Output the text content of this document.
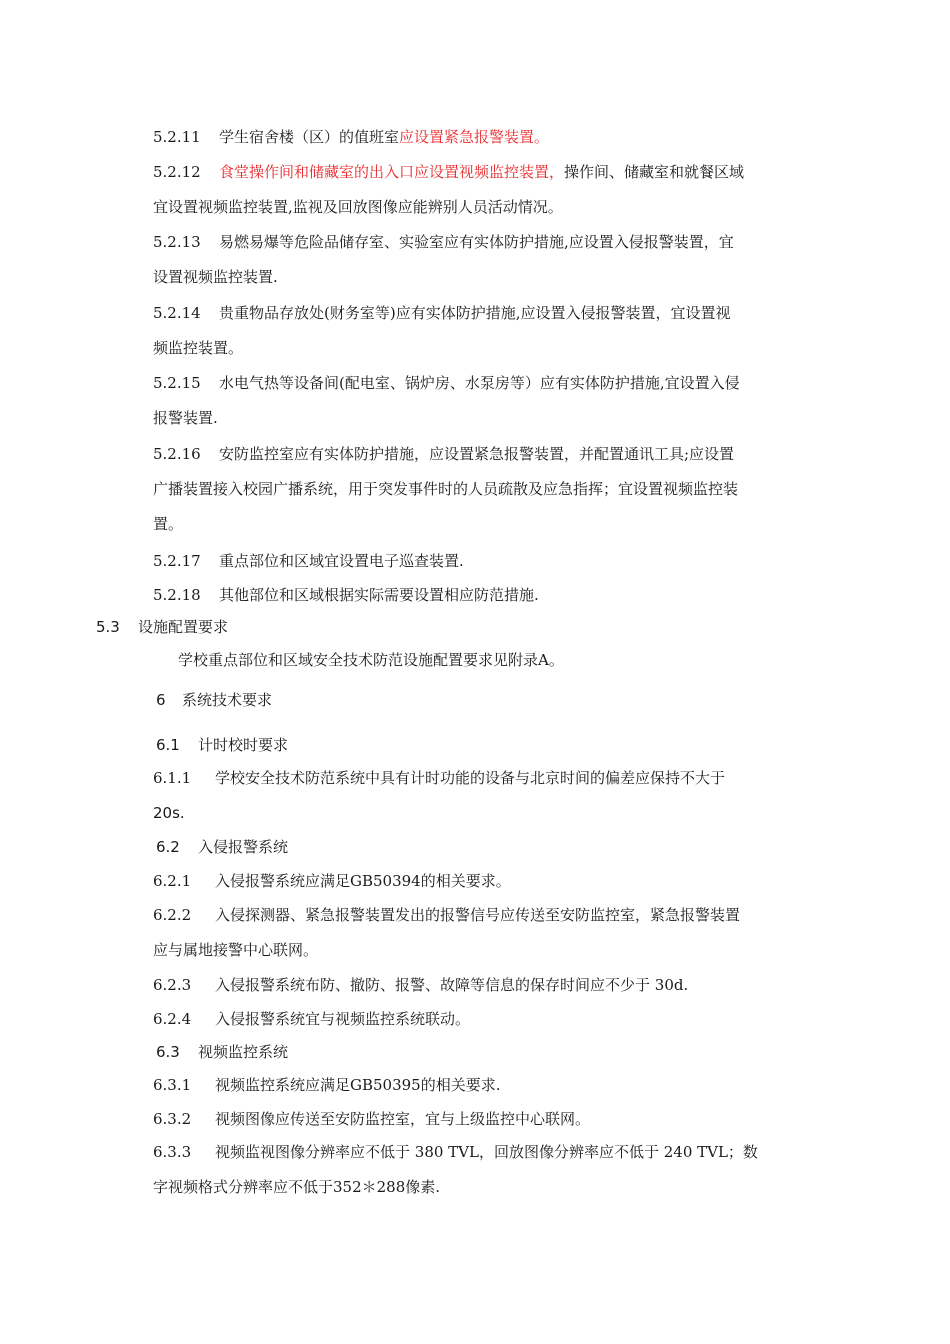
5.2.11 学生宿舍楼（区）的值班室应设置紧急报警装置。
5.2.12 食堂操作间和储藏室的出入口应设置视频监控装置，操作间、储藏室和就餐区域
宜设置视频监控装置,监视及回放图像应能辨别人员活动情况。
5.2.13 易燃易爆等危险品储存室、实验室应有实体防护措施,应设置入侵报警装置，宜
设置视频监控装置.
5.2.14 贵重物品存放处(财务室等)应有实体防护措施,应设置入侵报警装置，宜设置视
频监控装置。
5.2.15 水电气热等设备间(配电室、锅炉房、水泵房等）应有实体防护措施,宜设置入侵
报警装置.
5.2.16 安防监控室应有实体防护措施，应设置紧急报警装置，并配置通讯工具;应设置
广播装置接入校园广播系统，用于突发事件时的人员疏散及应急指挥；宜设置视频监控装
置。
5.2.17 重点部位和区域宜设置电子巡查装置.
5.2.18 其他部位和区域根据实际需要设置相应防范措施.
5.3 设施配置要求
学校重点部位和区域安全技术防范设施配置要求见附录A。
6 系统技术要求
6.1 计时校时要求
6.1.1 学校安全技术防范系统中具有计时功能的设备与北京时间的偏差应保持不大于
20s.
6.2 入侵报警系统
6.2.1 入侵报警系统应满足GB50394的相关要求。
6.2.2 入侵探测器、紧急报警装置发出的报警信号应传送至安防监控室，紧急报警装置
应与属地接警中心联网。
6.2.3 入侵报警系统布防、撤防、报警、故障等信息的保存时间应不少于 30d.
6.2.4 入侵报警系统宜与视频监控系统联动。
6.3 视频监控系统
6.3.1 视频监控系统应满足GB50395的相关要求.
6.3.2 视频图像应传送至安防监控室，宜与上级监控中心联网。
6.3.3 视频监视图像分辨率应不低于 380 TVL，回放图像分辨率应不低于 240 TVL；数
字视频格式分辨率应不低于352＊288像素.
